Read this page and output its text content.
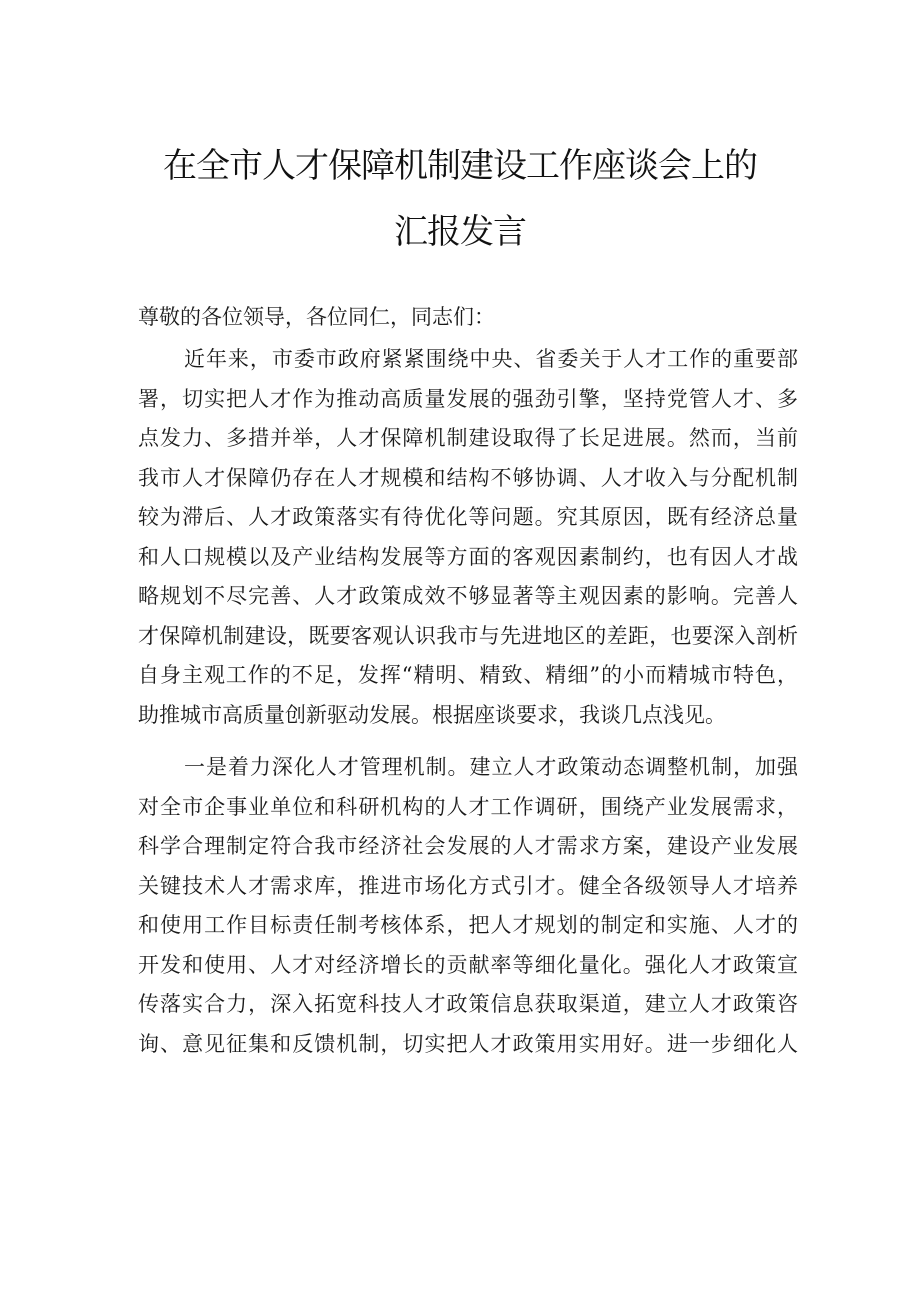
在全市人才保障机制建设工作座谈会上的
汇报发言

尊敬的各位领导，各位同仁，同志们：

近年来，市委市政府紧紧围绕中央、省委关于人才工作的重要部

署，切实把人才作为推动高质量发展的强劲引擎，坚持党管人才、多

点发力、多措并举，人才保障机制建设取得了长足进展。然而，当前

我市人才保障仍存在人才规模和结构不够协调、人才收入与分配机制

较为滞后、人才政策落实有待优化等问题。究其原因，既有经济总量

和人口规模以及产业结构发展等方面的客观因素制约，也有因人才战

略规划不尽完善、人才政策成效不够显著等主观因素的影响。完善人

才保障机制建设，既要客观认识我市与先进地区的差距，也要深入剖析

自身主观工作的不足，发挥“精明、精致、精细”的小而精城市特色，

助推城市高质量创新驱动发展。根据座谈要求，我谈几点浅见。

一是着力深化人才管理机制。建立人才政策动态调整机制，加强

对全市企事业单位和科研机构的人才工作调研，围绕产业发展需求，

科学合理制定符合我市经济社会发展的人才需求方案，建设产业发展

关键技术人才需求库，推进市场化方式引才。健全各级领导人才培养

和使用工作目标责任制考核体系，把人才规划的制定和实施、人才的

开发和使用、人才对经济增长的贡献率等细化量化。强化人才政策宣

传落实合力，深入拓宽科技人才政策信息获取渠道，建立人才政策咨

询、意见征集和反馈机制，切实把人才政策用实用好。进一步细化人
